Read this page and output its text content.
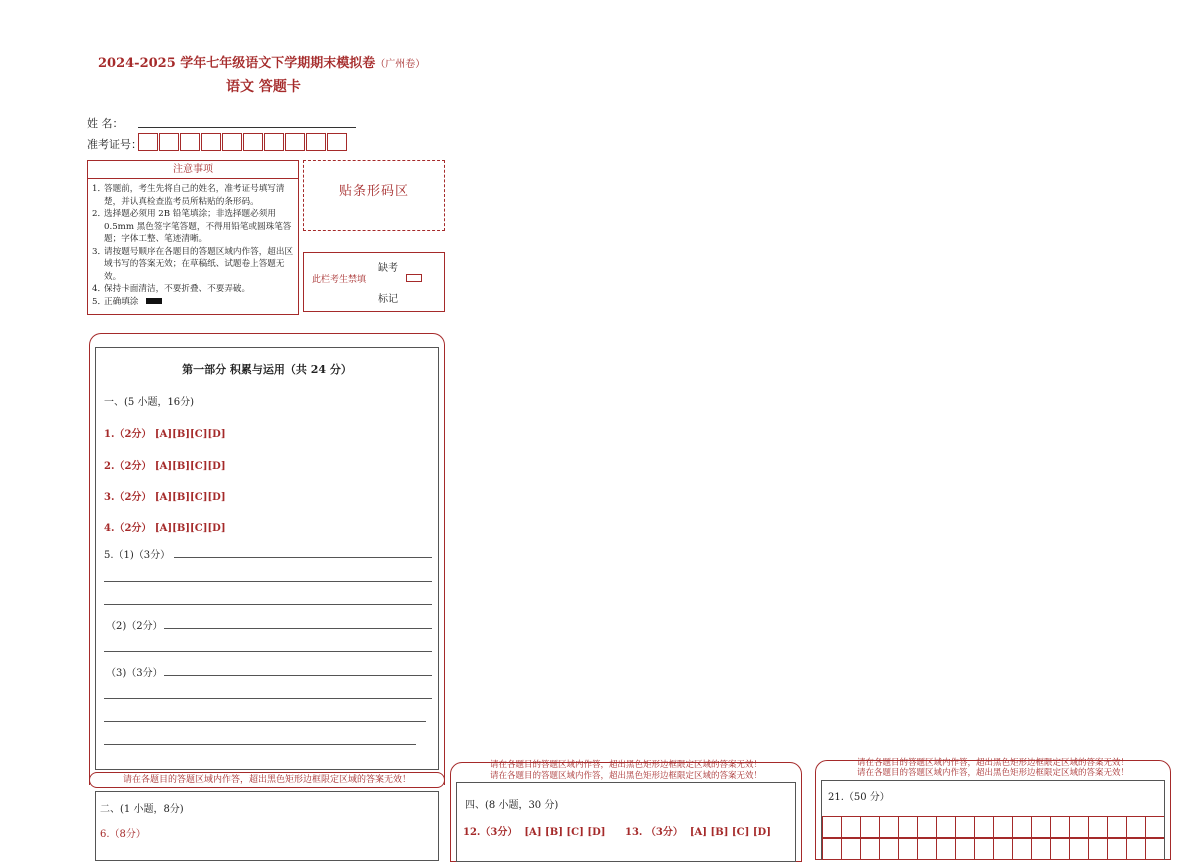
2024-2025 学年七年级语文下学期期末模拟卷（广州卷）
语文 答题卡
姓 名：
准考证号：
注意事项
1．
答题前，考生先将自己的姓名，准考证号填写清楚，并认真检查监考员所粘贴的条形码。
2．
选择题必须用 2B 铅笔填涂；非选择题必须用 0.5mm 黑色签字笔答题，不得用铅笔或圆珠笔答题；字体工整、笔迹清晰。
3．
请按题号顺序在各题目的答题区域内作答，超出区域书写的答案无效；在草稿纸、试题卷上答题无效。
4．
保持卡面清洁，不要折叠、不要弄破。
5．
正确填涂
贴条形码区
此栏考生禁填
缺考
标记
第一部分 积累与运用（共 24 分）
一、(5 小题，16分)
1.（2分） [A][B][C][D]
2.（2分） [A][B][C][D]
3.（2分） [A][B][C][D]
4.（2分） [A][B][C][D]
5.（1)（3分）
（2)（2分）
（3)（3分）
请在各题目的答题区域内作答，超出黑色矩形边框限定区域的答案无效！
二、(1 小题，8分)
6.（8分）
请在各题目的答题区域内作答，超出黑色矩形边框限定区域的答案无效！
请在各题目的答题区域内作答，超出黑色矩形边框限定区域的答案无效！
四、(8 小题，30 分)
12.（3分） [A] [B] [C] [D] 13. （3分） [A] [B] [C] [D]
请在各题目的答题区域内作答，超出黑色矩形边框限定区域的答案无效！
请在各题目的答题区域内作答，超出黑色矩形边框限定区域的答案无效！
21.（50 分）
